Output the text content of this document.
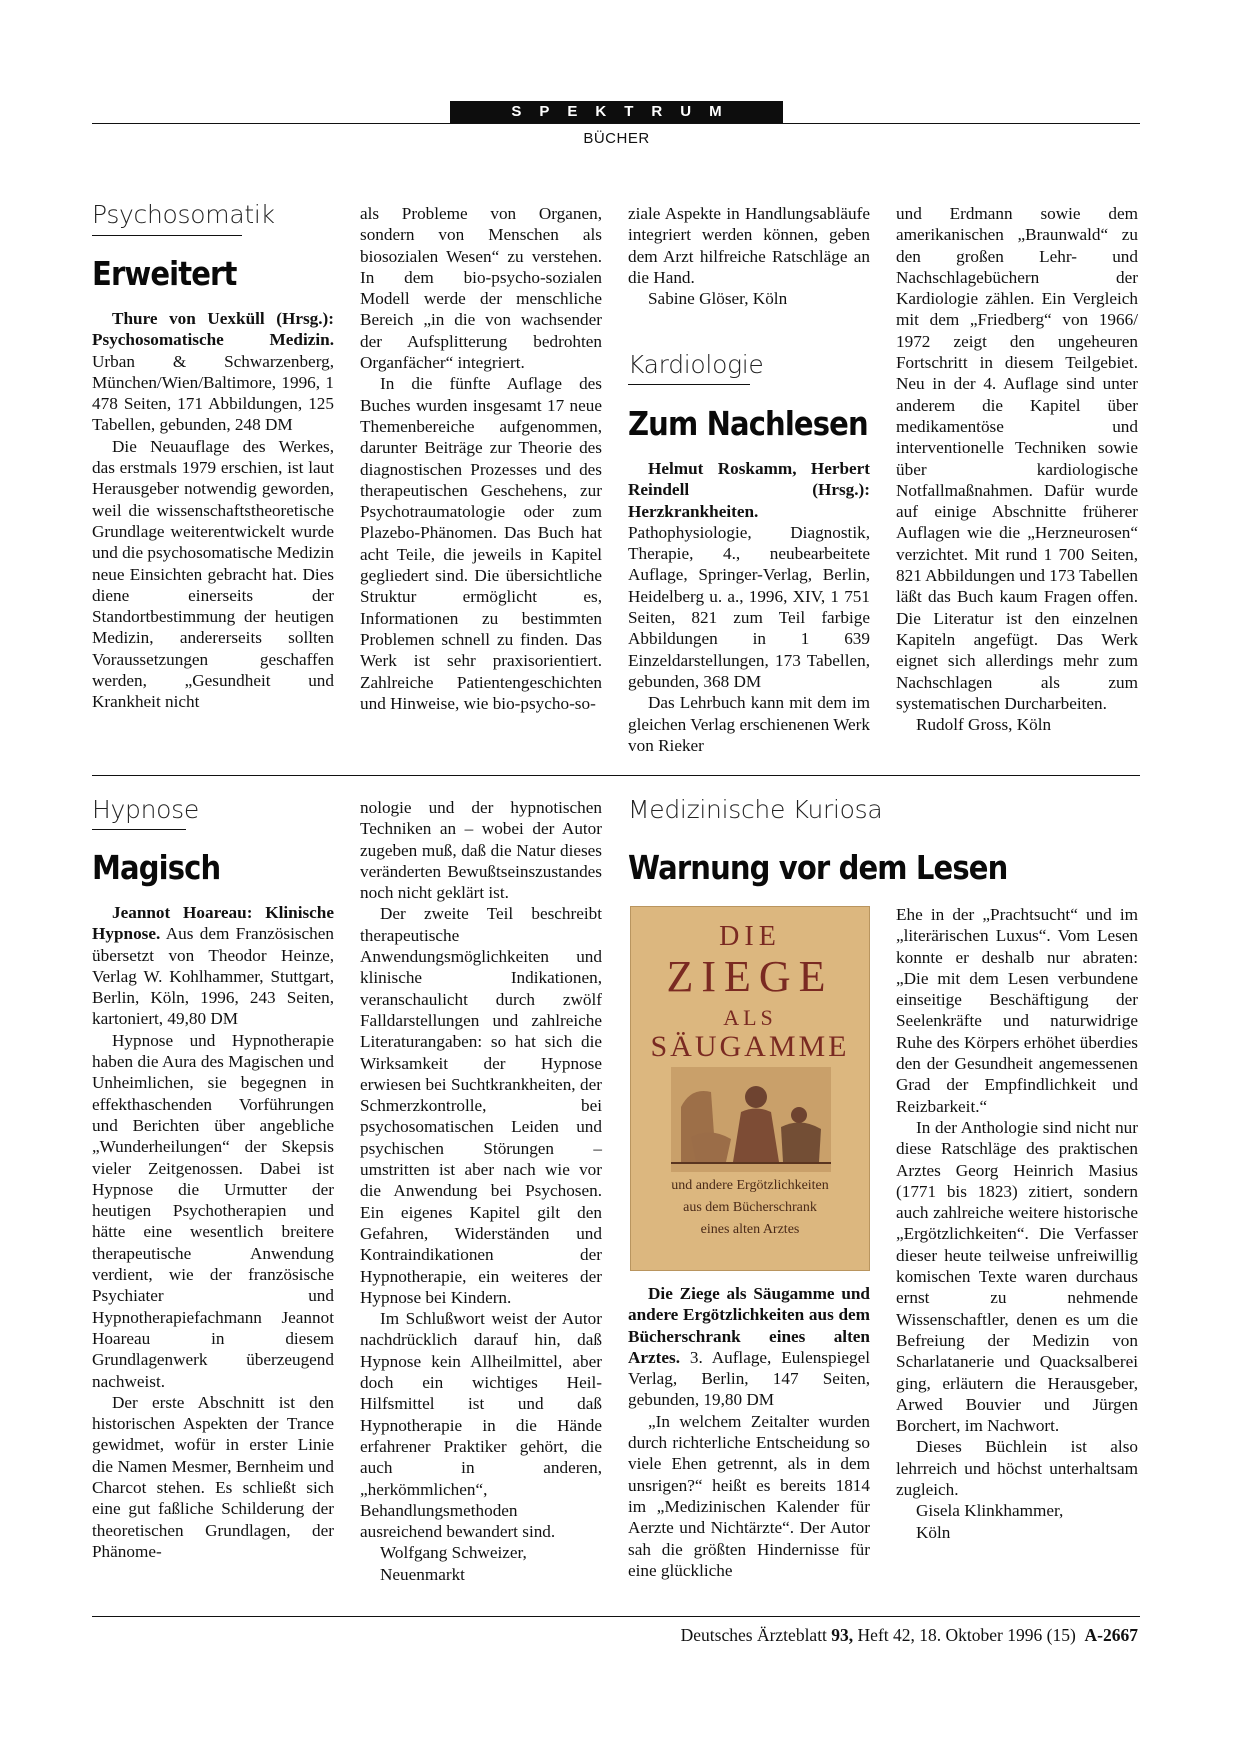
SPEKTRUM
BÜCHER
Psychosomatik
Erweitert

Thure von Uexküll (Hrsg.): Psychosomatische Medizin. Urban & Schwarzenberg, München/Wien/Baltimore, 1996, 1 478 Seiten, 171 Abbildungen, 125 Tabellen, gebunden, 248 DM

Die Neuauflage des Werkes, das erstmals 1979 erschien, ist laut Herausgeber notwendig geworden, weil die wissenschaftstheoretische Grundlage weiterentwickelt wurde und die psychosomatische Medizin neue Einsichten gebracht hat. Dies diene einerseits der Standortbestimmung der heutigen Medizin, andererseits sollten Voraussetzungen geschaffen werden, „Gesundheit und Krankheit nicht

als Probleme von Organen, sondern von Menschen als biosozialen Wesen“ zu verstehen. In dem bio-psycho-sozialen Modell werde der menschliche Bereich „in die von wachsender der Aufsplitterung bedrohten Organfächer“ integriert.

In die fünfte Auflage des Buches wurden insgesamt 17 neue Themenbereiche aufgenommen, darunter Beiträge zur Theorie des diagnostischen Prozesses und des therapeutischen Geschehens, zur Psychotraumatologie oder zum Plazebo-Phänomen. Das Buch hat acht Teile, die jeweils in Kapitel gegliedert sind. Die übersichtliche Struktur ermöglicht es, Informationen zu bestimmten Problemen schnell zu finden. Das Werk ist sehr praxisorientiert. Zahlreiche Patientengeschichten und Hinweise, wie bio-psycho-so-

ziale Aspekte in Handlungsabläufe integriert werden können, geben dem Arzt hilfreiche Ratschläge an die Hand.

Sabine Glöser, Köln

Kardiologie
Zum Nachlesen

Helmut Roskamm, Herbert Reindell (Hrsg.): Herzkrankheiten. Pathophysiologie, Diagnostik, Therapie, 4., neubearbeitete Auflage, Springer-Verlag, Berlin, Heidelberg u. a., 1996, XIV, 1 751 Seiten, 821 zum Teil farbige Abbildungen in 1 639 Einzeldarstellungen, 173 Tabellen, gebunden, 368 DM

Das Lehrbuch kann mit dem im gleichen Verlag erschienenen Werk von Rieker

und Erdmann sowie dem amerikanischen „Braunwald“ zu den großen Lehr- und Nachschlagebüchern der Kardiologie zählen. Ein Vergleich mit dem „Friedberg“ von 1966/ 1972 zeigt den ungeheuren Fortschritt in diesem Teilgebiet. Neu in der 4. Auflage sind unter anderem die Kapitel über medikamentöse und interventionelle Techniken sowie über kardiologische Notfallmaßnahmen. Dafür wurde auf einige Abschnitte früherer Auflagen wie die „Herzneurosen“ verzichtet. Mit rund 1 700 Seiten, 821 Abbildungen und 173 Tabellen läßt das Buch kaum Fragen offen. Die Literatur ist den einzelnen Kapiteln angefügt. Das Werk eignet sich allerdings mehr zum Nachschlagen als zum systematischen Durcharbeiten.

Rudolf Gross, Köln

Hypnose
Magisch

Jeannot Hoareau: Klinische Hypnose. Aus dem Französischen übersetzt von Theodor Heinze, Verlag W. Kohlhammer, Stuttgart, Berlin, Köln, 1996, 243 Seiten, kartoniert, 49,80 DM

Hypnose und Hypnotherapie haben die Aura des Magischen und Unheimlichen, sie begegnen in effekthaschenden Vorführungen und Berichten über angebliche „Wunderheilungen“ der Skepsis vieler Zeitgenossen. Dabei ist Hypnose die Urmutter der heutigen Psychotherapien und hätte eine wesentlich breitere therapeutische Anwendung verdient, wie der französische Psychiater und Hypnotherapiefachmann Jeannot Hoareau in diesem Grundlagenwerk überzeugend nachweist.

Der erste Abschnitt ist den historischen Aspekten der Trance gewidmet, wofür in erster Linie die Namen Mesmer, Bernheim und Charcot stehen. Es schließt sich eine gut faßliche Schilderung der theoretischen Grundlagen, der Phänome-

nologie und der hypnotischen Techniken an – wobei der Autor zugeben muß, daß die Natur dieses veränderten Bewußtseinszustandes noch nicht geklärt ist.

Der zweite Teil beschreibt therapeutische Anwendungsmöglichkeiten und klinische Indikationen, veranschaulicht durch zwölf Falldarstellungen und zahlreiche Literaturangaben: so hat sich die Wirksamkeit der Hypnose erwiesen bei Suchtkrankheiten, der Schmerzkontrolle, bei psychosomatischen Leiden und psychischen Störungen – umstritten ist aber nach wie vor die Anwendung bei Psychosen. Ein eigenes Kapitel gilt den Gefahren, Widerständen und Kontraindikationen der Hypnotherapie, ein weiteres der Hypnose bei Kindern.

Im Schlußwort weist der Autor nachdrücklich darauf hin, daß Hypnose kein Allheilmittel, aber doch ein wichtiges Heil-Hilfsmittel ist und daß Hypnotherapie in die Hände erfahrener Praktiker gehört, die auch in anderen, „herkömmlichen“, Behandlungsmethoden ausreichend bewandert sind.

Wolfgang Schweizer,

Neuenmarkt

Medizinische Kuriosa
Warnung vor dem Lesen
DIE
ZIEGE
ALS
SÄUGAMME
und andere Ergötzlichkeiten
aus dem Bücherschrank
eines alten Arztes

Die Ziege als Säugamme und andere Ergötzlichkeiten aus dem Bücherschrank eines alten Arztes. 3. Auflage, Eulenspiegel Verlag, Berlin, 147 Seiten, gebunden, 19,80 DM

„In welchem Zeitalter wurden durch richterliche Entscheidung so viele Ehen getrennt, als in dem unsrigen?“ heißt es bereits 1814 im „Medizinischen Kalender für Aerzte und Nichtärzte“. Der Autor sah die größten Hindernisse für eine glückliche

Ehe in der „Prachtsucht“ und im „literärischen Luxus“. Vom Lesen konnte er deshalb nur abraten: „Die mit dem Lesen verbundene einseitige Beschäftigung der Seelenkräfte und naturwidrige Ruhe des Körpers erhöhet überdies den der Gesundheit angemessenen Grad der Empfindlichkeit und Reizbarkeit.“

In der Anthologie sind nicht nur diese Ratschläge des praktischen Arztes Georg Heinrich Masius (1771 bis 1823) zitiert, sondern auch zahlreiche weitere historische „Ergötzlichkeiten“. Die Verfasser dieser heute teilweise unfreiwillig komischen Texte waren durchaus ernst zu nehmende Wissenschaftler, denen es um die Befreiung der Medizin von Scharlatanerie und Quacksalberei ging, erläutern die Herausgeber, Arwed Bouvier und Jürgen Borchert, im Nachwort.

Dieses Büchlein ist also lehrreich und höchst unterhaltsam zugleich.

Gisela Klinkhammer,

Köln

Deutsches Ärzteblatt 93, Heft 42, 18. Oktober 1996 (15) A-2667
